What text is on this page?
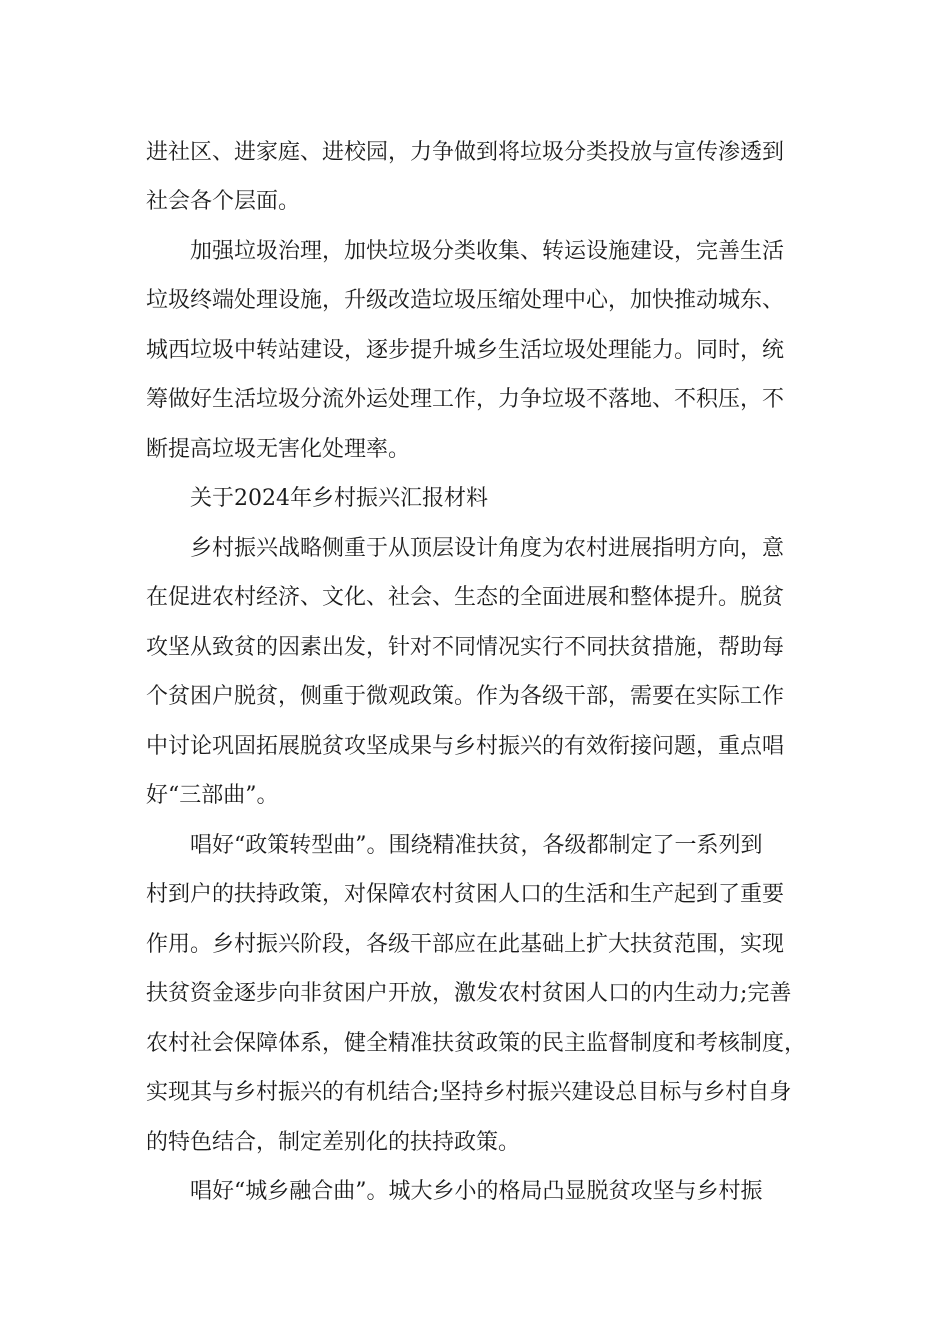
进社区、进家庭、进校园，力争做到将垃圾分类投放与宣传渗透到
社会各个层面。
加强垃圾治理，加快垃圾分类收集、转运设施建设，完善生活
垃圾终端处理设施，升级改造垃圾压缩处理中心，加快推动城东、
城西垃圾中转站建设，逐步提升城乡生活垃圾处理能力。同时，统
筹做好生活垃圾分流外运处理工作，力争垃圾不落地、不积压，不
断提高垃圾无害化处理率。
关于2024年乡村振兴汇报材料
乡村振兴战略侧重于从顶层设计角度为农村进展指明方向，意
在促进农村经济、文化、社会、生态的全面进展和整体提升。脱贫
攻坚从致贫的因素出发，针对不同情况实行不同扶贫措施，帮助每
个贫困户脱贫，侧重于微观政策。作为各级干部，需要在实际工作
中讨论巩固拓展脱贫攻坚成果与乡村振兴的有效衔接问题，重点唱
好“三部曲”。
唱好“政策转型曲”。围绕精准扶贫，各级都制定了一系列到
村到户的扶持政策，对保障农村贫困人口的生活和生产起到了重要
作用。乡村振兴阶段，各级干部应在此基础上扩大扶贫范围，实现
扶贫资金逐步向非贫困户开放，激发农村贫困人口的内生动力;完善
农村社会保障体系，健全精准扶贫政策的民主监督制度和考核制度，
实现其与乡村振兴的有机结合;坚持乡村振兴建设总目标与乡村自身
的特色结合，制定差别化的扶持政策。
唱好“城乡融合曲”。城大乡小的格局凸显脱贫攻坚与乡村振
